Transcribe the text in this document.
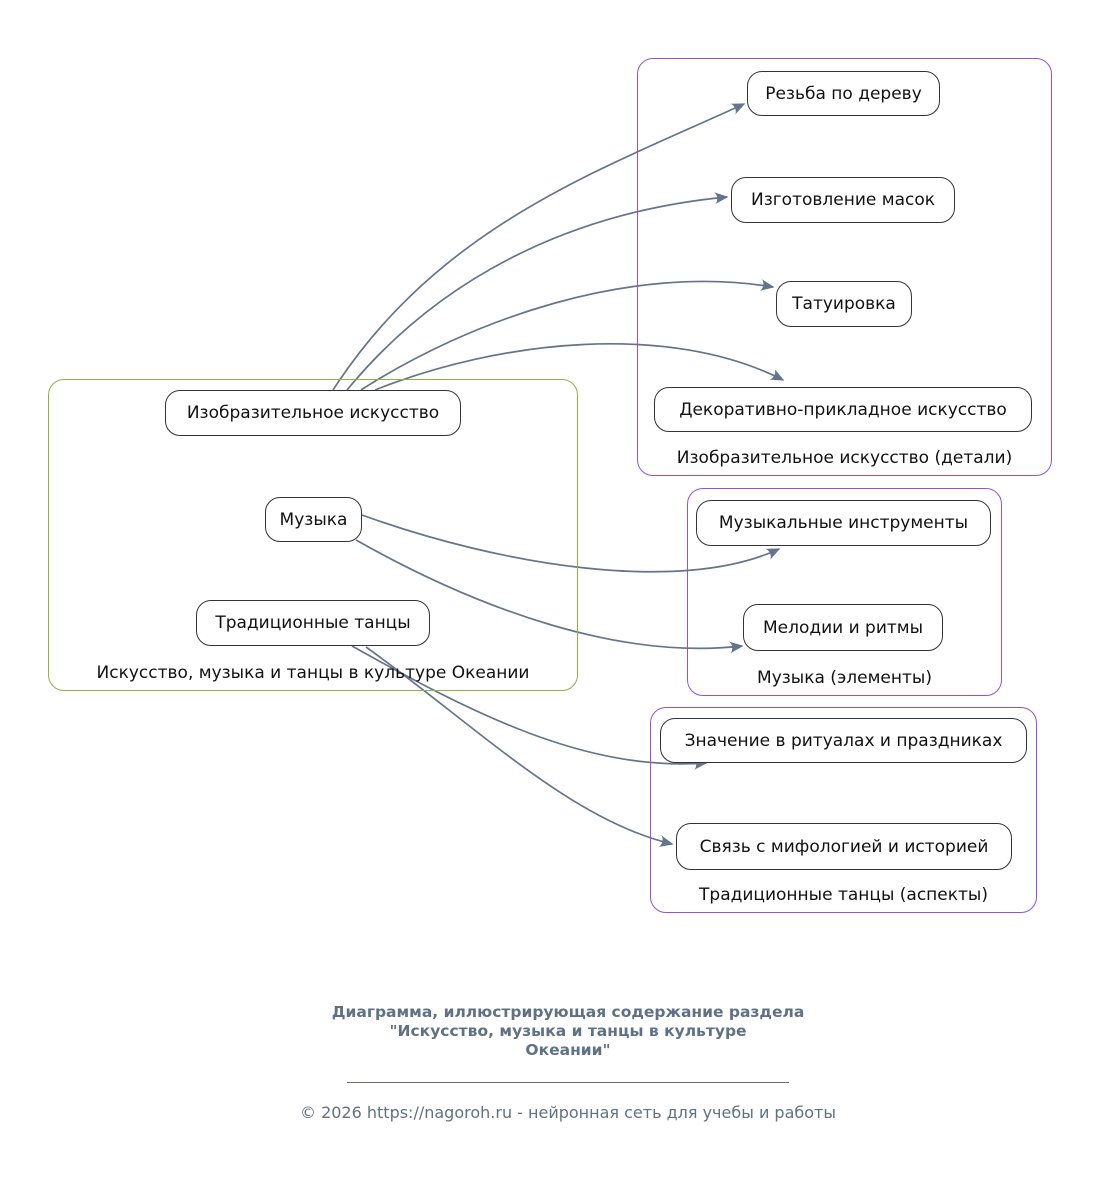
Искусство, музыка и танцы в культуре Океании
Изобразительное искусство (детали)
Музыка (элементы)
Традиционные танцы (аспекты)
Изобразительное искусство
Музыка
Традиционные танцы
Резьба по дереву
Изготовление масок
Татуировка
Декоративно-прикладное искусство
Музыкальные инструменты
Мелодии и ритмы
Значение в ритуалах и праздниках
Связь с мифологией и историей
Диаграмма, иллюстрирующая содержание раздела
"Искусство, музыка и танцы в культуре
Океании"
© 2026 https://nagoroh.ru - нейронная сеть для учебы и работы
